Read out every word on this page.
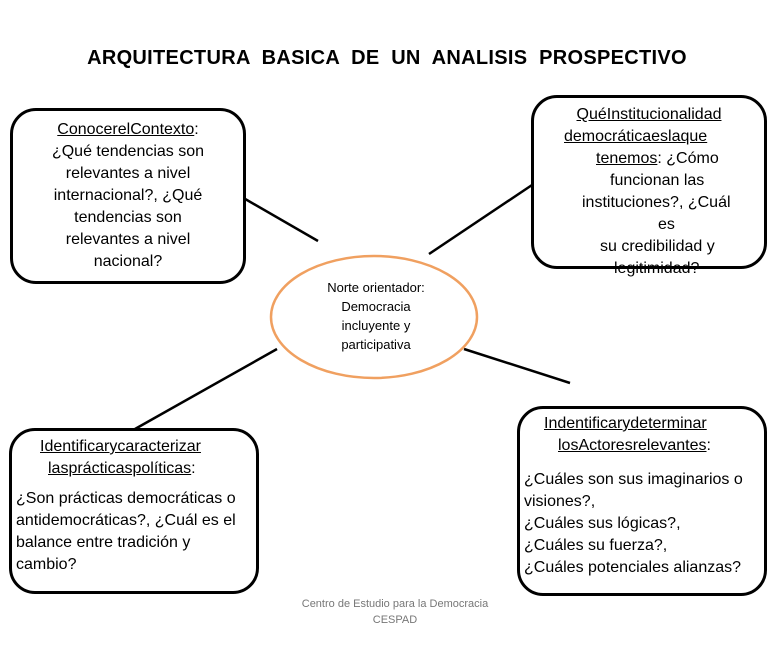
ARQUITECTURA  BASICA  DE  UN  ANALISIS  PROSPECTIVO
Norte orientador:
Democracia
incluyente y
participativa
ConocerelContexto:
¿Qué tendencias son
relevantes a nivel
internacional?, ¿Qué
tendencias son
relevantes a nivel
nacional?
QuéInstitucionalidad
democráticaeslaque
tenemos: ¿Cómo
funcionan las
instituciones?, ¿Cuál
es
su credibilidad y
legitimidad?
Identificarycaracterizar
lasprácticaspolíticas:
¿Son prácticas democráticas o
antidemocráticas?, ¿Cuál es el
balance entre tradición y
cambio?
Indentificarydeterminar
losActoresrelevantes:
¿Cuáles son sus imaginarios o
visiones?,
¿Cuáles sus lógicas?,
¿Cuáles su fuerza?,
¿Cuáles potenciales alianzas?
Centro de Estudio para la Democracia
CESPAD
